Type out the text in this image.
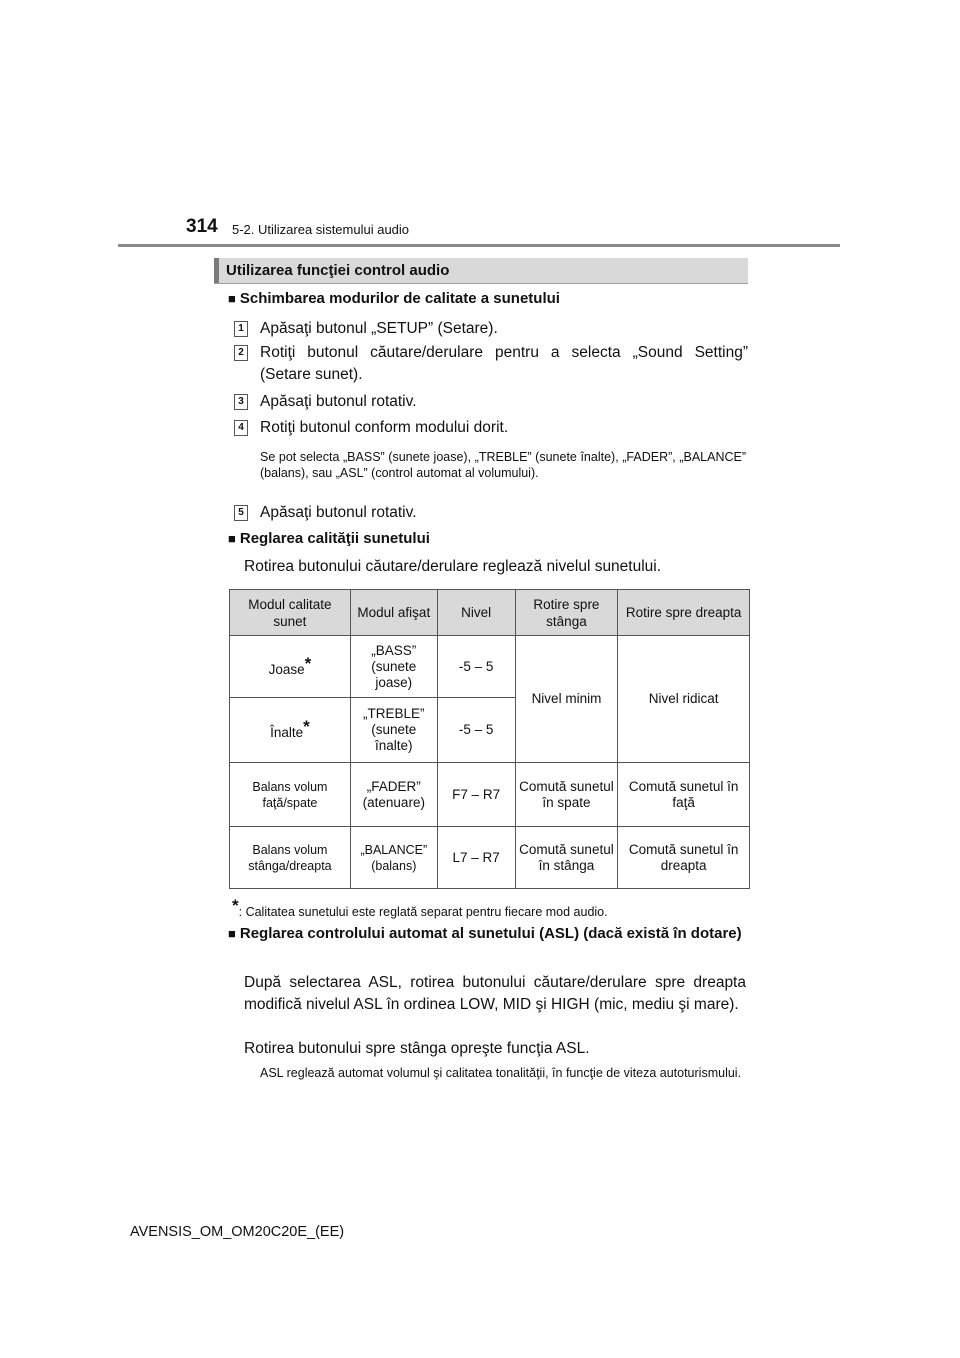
314 5-2. Utilizarea sistemului audio
Utilizarea funcţiei control audio
■ Schimbarea modurilor de calitate a sunetului
1 Apăsaţi butonul „SETUP” (Setare).
2 Rotiţi butonul căutare/derulare pentru a selecta „Sound Setting” (Setare sunet).
3 Apăsaţi butonul rotativ.
4 Rotiţi butonul conform modului dorit.
Se pot selecta „BASS” (sunete joase), „TREBLE” (sunete înalte), „FADER”, „BALANCE” (balans), sau „ASL” (control automat al volumului).
5 Apăsaţi butonul rotativ.
■ Reglarea calităţii sunetului
Rotirea butonului căutare/derulare reglează nivelul sunetului.
Modul calitate sunet	Modul afişat	Nivel	Rotire spre stânga	Rotire spre dreapta
Joase*	„BASS” (sunete joase)	-5 – 5	Nivel minim	Nivel ridicat
Înalte*	„TREBLE” (sunete înalte)	-5 – 5		
Balans volum faţă/spate	„FADER” (atenuare)	F7 – R7	Comută sunetul în spate	Comută sunetul în faţă
Balans volum stânga/dreapta	„BALANCE” (balans)	L7 – R7	Comută sunetul în stânga	Comută sunetul în dreapta
*: Calitatea sunetului este reglată separat pentru fiecare mod audio.
■ Reglarea controlului automat al sunetului (ASL) (dacă există în dotare)
După selectarea ASL, rotirea butonului căutare/derulare spre dreapta modifică nivelul ASL în ordinea LOW, MID şi HIGH (mic, mediu şi mare).
Rotirea butonului spre stânga opreşte funcţia ASL.
ASL reglează automat volumul şi calitatea tonalităţii, în funcţie de viteza autoturismului.
AVENSIS_OM_OM20C20E_(EE)
